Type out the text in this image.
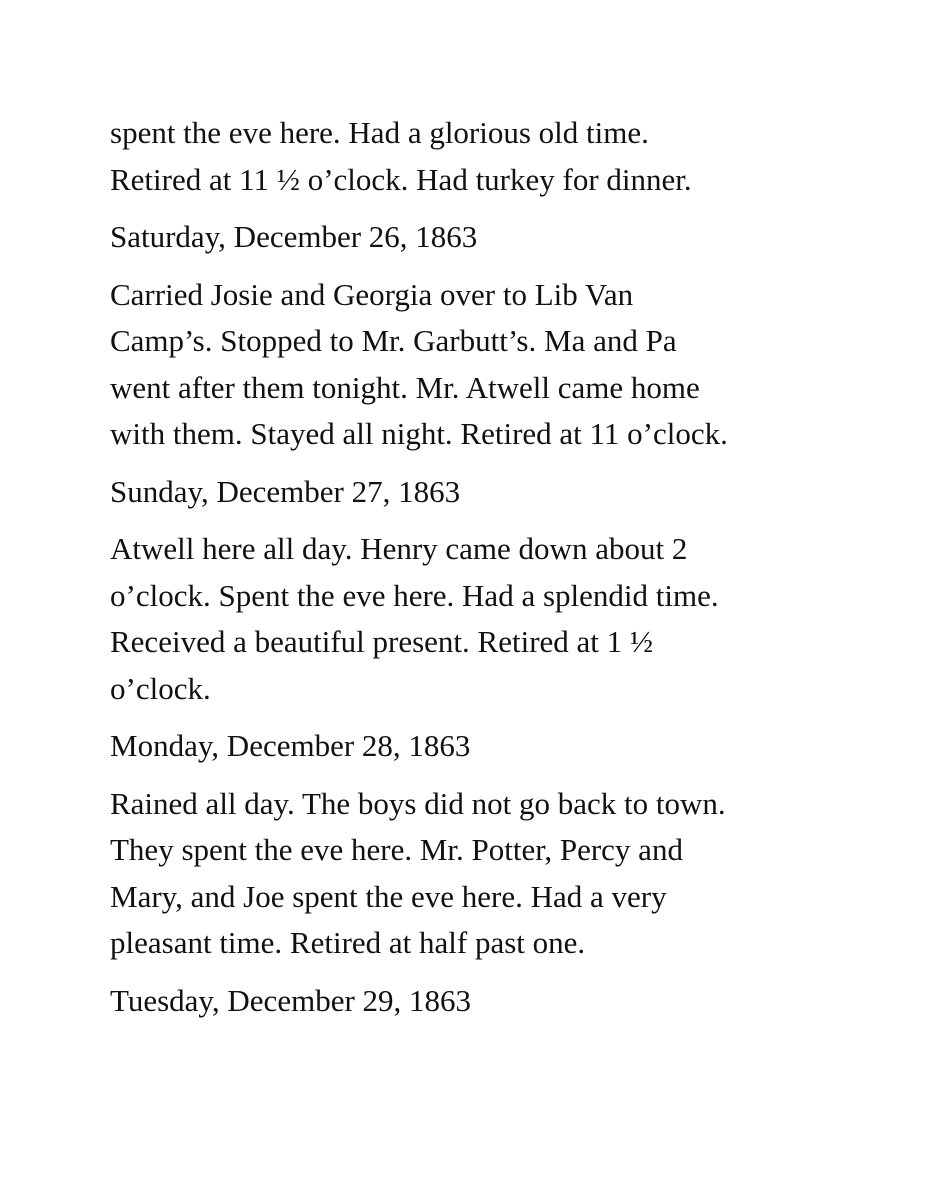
spent the eve here. Had a glorious old time.
Retired at 11 ½ o’clock. Had turkey for dinner.
Saturday, December 26, 1863
Carried Josie and Georgia over to Lib Van
Camp’s. Stopped to Mr. Garbutt’s. Ma and Pa
went after them tonight. Mr. Atwell came home
with them. Stayed all night. Retired at 11 o’clock.
Sunday, December 27, 1863
Atwell here all day. Henry came down about 2
o’clock. Spent the eve here. Had a splendid time.
Received a beautiful present. Retired at 1 ½
o’clock.
Monday, December 28, 1863
Rained all day. The boys did not go back to town.
They spent the eve here. Mr. Potter, Percy and
Mary, and Joe spent the eve here. Had a very
pleasant time. Retired at half past one.
Tuesday, December 29, 1863
